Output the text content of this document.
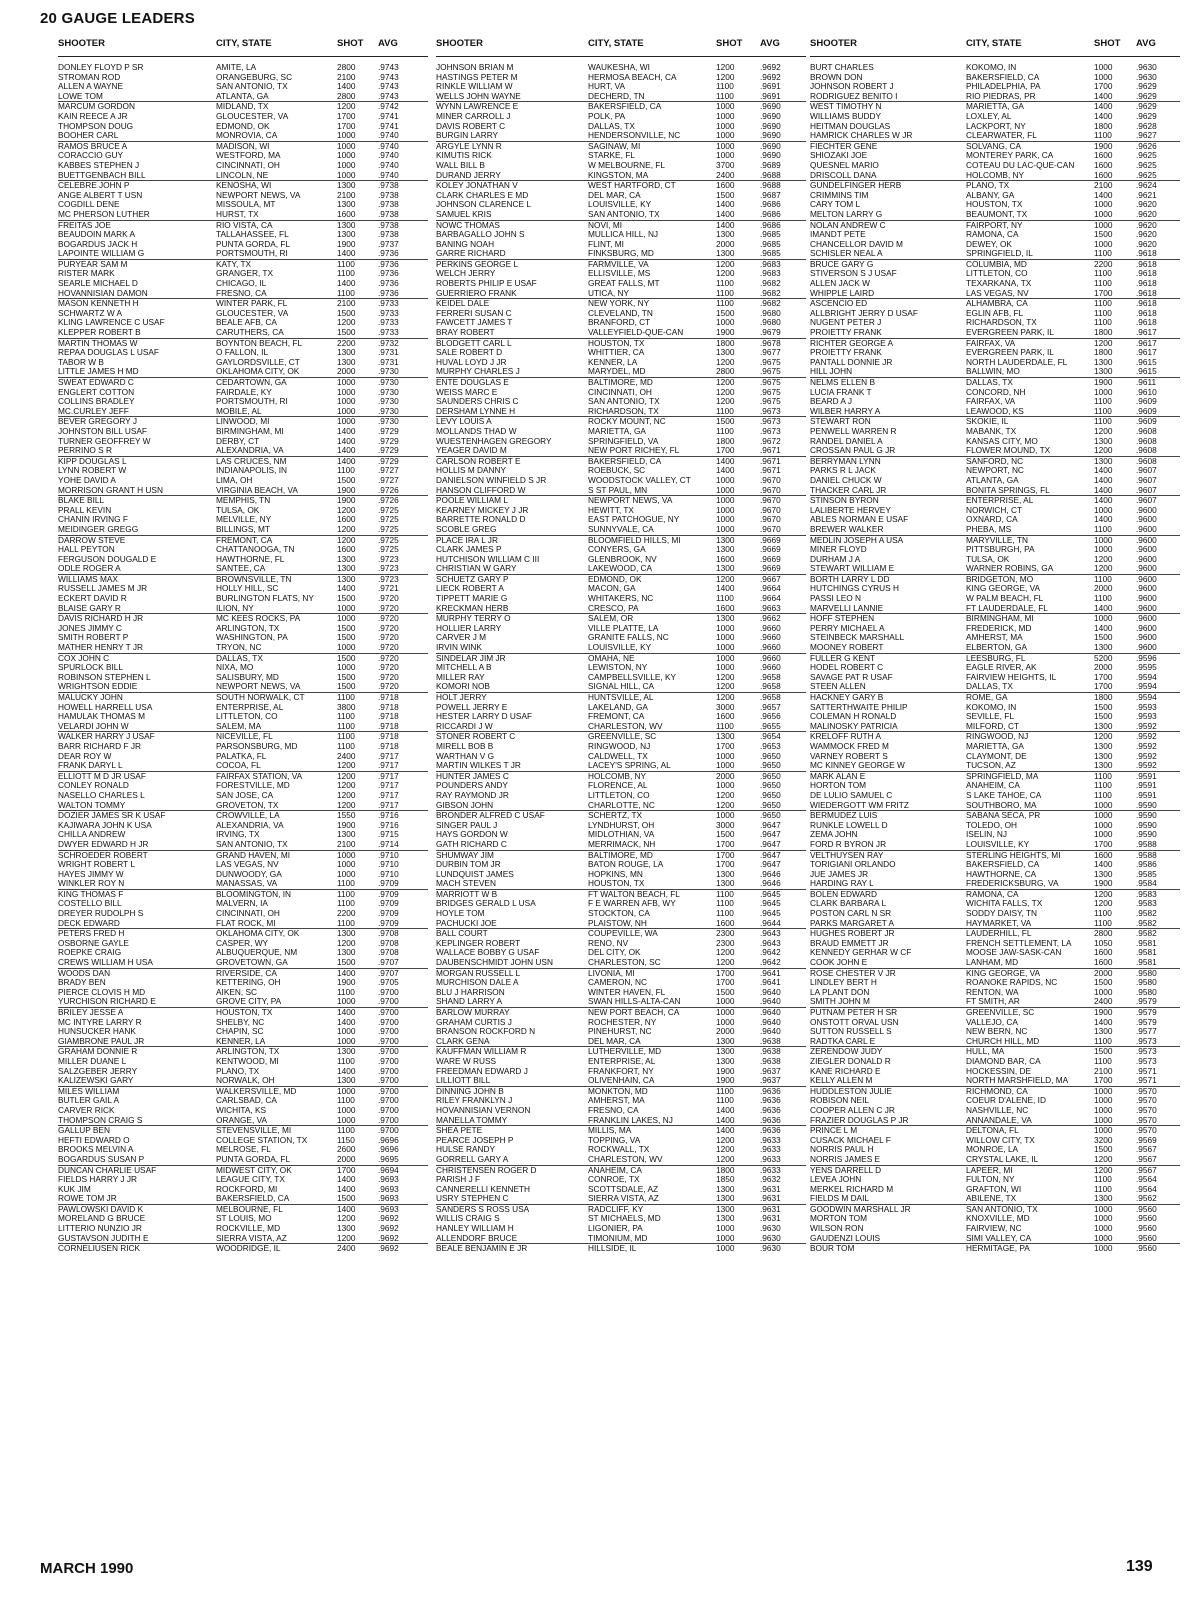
20 GAUGE LEADERS
SHOOTER	CITY, STATE	SHOT	AVG
DONLEY FLOYD P SR	AMITE, LA	2800	.9743
STROMAN ROD	ORANGEBURG, SC	2100	.9743
ALLEN A WAYNE	SAN ANTONIO, TX	1400	.9743
LOWE TOM	ATLANTA, GA	2800	.9743
MARCUM GORDON	MIDLAND, TX	1200	.9742
KAIN REECE A JR	GLOUCESTER, VA	1700	.9741
THOMPSON DOUG	EDMOND, OK	1700	.9741
BOOHER CARL	MONROVIA, CA	1000	.9740
RAMOS BRUCE A	MADISON, WI	1000	.9740
CORACCIO GUY	WESTFORD, MA	1000	.9740
KABBES STEPHEN J	CINCINNATI, OH	1000	.9740
BUETTGENBACH BILL	LINCOLN, NE	1000	.9740
CELEBRE JOHN P	KENOSHA, WI	1300	.9738
ANGE ALBERT T USN	NEWPORT NEWS, VA	2100	.9738
COGDILL DENE	MISSOULA, MT	1300	.9738
MC PHERSON LUTHER	HURST, TX	1600	.9738
FREITAS JOE	RIO VISTA, CA	1300	.9738
BEAUDOIN MARK A	TALLAHASSEE, FL	1300	.9738
BOGARDUS JACK H	PUNTA GORDA, FL	1900	.9737
LAPOINTE WILLIAM G	PORTSMOUTH, RI	1400	.9736
PURYEAR SAM M	KATY, TX	1100	.9736
RISTER MARK	GRANGER, TX	1100	.9736
SEARLE MICHAEL D	CHICAGO, IL	1400	.9736
HOVANNISIAN DAMON	FRESNO, CA	1100	.9736
MASON KENNETH H	WINTER PARK, FL	2100	.9733
SCHWARTZ W A	GLOUCESTER, VA	1500	.9733
KLING LAWRENCE C USAF	BEALE AFB, CA	1200	.9733
KLEPPER ROBERT B	CARUTHERS, CA	1500	.9733
MARTIN THOMAS W	BOYNTON BEACH, FL	2200	.9732
REPAA DOUGLAS L USAF	O FALLON, IL	1300	.9731
TABOR W B	GAYLORDSVILLE, CT	1300	.9731
LITTLE JAMES H MD	OKLAHOMA CITY, OK	2000	.9730
SWEAT EDWARD C	CEDARTOWN, GA	1000	.9730
ENGLERT COTTON	FAIRDALE, KY	1000	.9730
COLLINS BRADLEY	PORTSMOUTH, RI	1000	.9730
MC.CURLEY JEFF	MOBILE, AL	1000	.9730
BEVER GREGORY J	LINWOOD, MI	1000	.9730
JOHNSTON BILL USAF	BIRMINGHAM, MI	1400	.9729
TURNER GEOFFREY W	DERBY, CT	1400	.9729
PERRINO S R	ALEXANDRIA, VA	1400	.9729
KIPP DOUGLAS L	LAS CRUCES, NM	1400	.9729
LYNN ROBERT W	INDIANAPOLIS, IN	1100	.9727
YOHE DAVID A	LIMA, OH	1500	.9727
MORRISON GRANT H USN	VIRGINIA BEACH, VA	1900	.9726
BLAKE BILL	MEMPHIS, TN	1900	.9726
PRALL KEVIN	TULSA, OK	1200	.9725
CHANIN IRVING F	MELVILLE, NY	1600	.9725
MEIDINGER GREGG	BILLINGS, MT	1200	.9725
DARROW STEVE	FREMONT, CA	1200	.9725
HALL PEYTON	CHATTANOOGA, TN	1600	.9725
FERGUSON DOUGALD E	HAWTHORNE, FL	1300	.9723
ODLE ROGER A	SANTEE, CA	1300	.9723
WILLIAMS MAX	BROWNSVILLE, TN	1300	.9723
RUSSELL JAMES M JR	HOLLY HILL, SC	1400	.9721
ECKERT DAVID R	BURLINGTON FLATS, NY	1500	.9720
BLAISE GARY R	ILION, NY	1000	.9720
DAVIS RICHARD H JR	MC KEES ROCKS, PA	1000	.9720
JONES JIMMY C	ARLINGTON, TX	1500	.9720
SMITH ROBERT P	WASHINGTON, PA	1500	.9720
MATHER HENRY T JR	TRYON, NC	1000	.9720
COX JOHN C	DALLAS, TX	1500	.9720
SPURLOCK BILL	NIXA, MO	1000	.9720
ROBINSON STEPHEN L	SALISBURY, MD	1500	.9720
WRIGHTSON EDDIE	NEWPORT NEWS, VA	1500	.9720
MALUCKY JOHN	SOUTH NORWALK, CT	1100	.9718
HOWELL HARRELL USA	ENTERPRISE, AL	3800	.9718
HAMULAK THOMAS M	LITTLETON, CO	1100	.9718
VELARDI JOHN W	SALEM, MA	1100	.9718
WALKER HARRY J USAF	NICEVILLE, FL	1100	.9718
BARR RICHARD F JR	PARSONSBURG, MD	1100	.9718
DEAR ROY W	PALATKA, FL	2400	.9717
FRANK DARYL L	COCOA, FL	1200	.9717
ELLIOTT M D JR USAF	FAIRFAX STATION, VA	1200	.9717
CONLEY RONALD	FORESTVILLE, MD	1200	.9717
NASELLO CHARLES L	SAN JOSE, CA	1200	.9717
WALTON TOMMY	GROVETON, TX	1200	.9717
DOZIER JAMES SR K USAF	CROWVILLE, LA	1550	.9716
KAJIWARA JOHN K USA	ALEXANDRIA, VA	1900	.9716
CHILLA ANDREW	IRVING, TX	1300	.9715
DWYER EDWARD H JR	SAN ANTONIO, TX	2100	.9714
SCHROEDER ROBERT	GRAND HAVEN, MI	1000	.9710
WRIGHT ROBERT L	LAS VEGAS, NV	1000	.9710
HAYES JIMMY W	DUNWOODY, GA	1000	.9710
WINKLER ROY N	MANASSAS, VA	1100	.9709
KING THOMAS F	BLOOMINGTON, IN	1100	.9709
COSTELLO BILL	MALVERN, IA	1100	.9709
DREYER RUDOLPH S	CINCINNATI, OH	2200	.9709
DECK EDWARD	FLAT ROCK, MI	1100	.9709
PETERS FRED H	OKLAHOMA CITY, OK	1300	.9708
OSBORNE GAYLE	CASPER, WY	1200	.9708
ROEPKE CRAIG	ALBUQUERQUE, NM	1300	.9708
CREWS WILLIAM H USA	GROVETOWN, GA	1500	.9707
WOODS DAN	RIVERSIDE, CA	1400	.9707
BRADY BEN	KETTERING, OH	1900	.9705
PIERCE CLOVIS H MD	AIKEN, SC	1100	.9700
YURCHISON RICHARD E	GROVE CITY, PA	1000	.9700
BRILEY JESSE A	HOUSTON, TX	1400	.9700
MC INTYRE LARRY R	SHELBY, NC	1400	.9700
HUNSUCKER HANK	CHAPIN, SC	1000	.9700
GIAMBRONE PAUL JR	KENNER, LA	1000	.9700
GRAHAM DONNIE R	ARLINGTON, TX	1300	.9700
MILLER DUANE L	KENTWOOD, MI	1100	.9700
SALZGEBER JERRY	PLANO, TX	1400	.9700
KALIZEWSKI GARY	NORWALK, OH	1300	.9700
MILES WILLIAM	WALKERSVILLE, MD	1000	.9700
BUTLER GAIL A	CARLSBAD, CA	1100	.9700
CARVER RICK	WICHITA, KS	1000	.9700
THOMPSON CRAIG S	ORANGE, VA	1000	.9700
GALLUP BEN	STEVENSVILLE, MI	1100	.9700
HEFTI EDWARD O	COLLEGE STATION, TX	1150	.9696
BROOKS MELVIN A	MELROSE, FL	2600	.9696
BOGARDUS SUSAN P	PUNTA GORDA, FL	2000	.9695
DUNCAN CHARLIE USAF	MIDWEST CITY, OK	1700	.9694
FIELDS HARRY J JR	LEAGUE CITY, TX	1400	.9693
KUK JIM	ROCKFORD, MI	1400	.9693
ROWE TOM JR	BAKERSFIELD, CA	1500	.9693
PAWLOWSKI DAVID K	MELBOURNE, FL	1400	.9693
MORELAND G BRUCE	ST LOUIS, MO	1200	.9692
LITTERIO NUNZIO JR	ROCKVILLE, MD	1300	.9692
GUSTAVSON JUDITH E	SIERRA VISTA, AZ	1200	.9692
CORNELIUSEN RICK	WOODRIDGE, IL	2400	.9692
SHOOTER	CITY, STATE	SHOT	AVG
JOHNSON BRIAN M	WAUKESHA, WI	1200	.9692
HASTINGS PETER M	HERMOSA BEACH, CA	1200	.9692
RINKLE WILLIAM W	HURT, VA	1100	.9691
WELLS JOHN WAYNE	DECHERD, TN	1100	.9691
WYNN LAWRENCE E	BAKERSFIELD, CA	1000	.9690
MINER CARROLL J	POLK, PA	1000	.9690
DAVIS ROBERT C	DALLAS, TX	1000	.9690
BURGIN LARRY	HENDERSONVILLE, NC	1000	.9690
ARGYLE LYNN R	SAGINAW, MI	1000	.9690
KIMUTIS RICK	STARKE, FL	1000	.9690
WALL BILL B	W MELBOURNE, FL	3700	.9689
DURAND JERRY	KINGSTON, MA	2400	.9688
KOLEY JONATHAN V	WEST HARTFORD, CT	1600	.9688
CLARK CHARLES E MD	DEL MAR, CA	1500	.9687
JOHNSON CLARENCE L	LOUISVILLE, KY	1400	.9686
SAMUEL KRIS	SAN ANTONIO, TX	1400	.9686
NOWC THOMAS	NOVI, MI	1400	.9686
BARBAGALLO JOHN S	MULLICA HILL, NJ	1300	.9685
BANING NOAH	FLINT, MI	2000	.9685
GARRE RICHARD	FINKSBURG, MD	1300	.9685
PERKINS GEORGE L	FARMVILLE, VA	1200	.9683
WELCH JERRY	ELLISVILLE, MS	1200	.9683
ROBERTS PHILIP E USAF	GREAT FALLS, MT	1100	.9682
GUERRIERO FRANK	UTICA, NY	1100	.9682
KEIDEL DALE	NEW YORK, NY	1100	.9682
FERRERI SUSAN C	CLEVELAND, TN	1500	.9680
FAWCETT JAMES T	BRANFORD, CT	1000	.9680
BRAY ROBERT	VALLEYFIELD-QUE-CAN	1900	.9679
BLODGETT CARL L	HOUSTON, TX	1800	.9678
SALE ROBERT D	WHITTIER, CA	1300	.9677
HUVAL LOYD J JR	KENNER, LA	1200	.9675
MURPHY CHARLES J	MARYDEL, MD	2800	.9675
ENTE DOUGLAS E	BALTIMORE, MD	1200	.9675
WEISS MARC E	CINCINNATI, OH	1200	.9675
SAUNDERS CHRIS C	SAN ANTONIO, TX	1200	.9675
DERSHAM LYNNE H	RICHARDSON, TX	1100	.9673
LEVY LOUIS A	ROCKY MOUNT, NC	1500	.9673
MOLLANDS THAD W	MARIETTA, GA	1100	.9673
WUESTENHAGEN GREGORY	SPRINGFIELD, VA	1800	.9672
YEAGER DAVID M	NEW PORT RICHEY, FL	1700	.9671
CARLSON ROBERT E	BAKERSFIELD, CA	1400	.9671
HOLLIS M DANNY	ROEBUCK, SC	1400	.9671
DANIELSON WINFIELD S JR	WOODSTOCK VALLEY, CT	1000	.9670
HANSON CLIFFORD W	S ST PAUL, MN	1000	.9670
POOLE WILLIAM L	NEWPORT NEWS, VA	1000	.9670
KEARNEY MICKEY J JR	HEWITT, TX	1000	.9670
BARRETTE RONALD D	EAST PATCHOGUE, NY	1000	.9670
SCOBLE GREG	SUNNYVALE, CA	1000	.9670
PLACE IRA L JR	BLOOMFIELD HILLS, MI	1300	.9669
CLARK JAMES P	CONYERS, GA	1300	.9669
HUTCHISON WILLIAM C III	GLENBROOK, NV	1600	.9669
CHRISTIAN W GARY	LAKEWOOD, CA	1300	.9669
SCHUETZ GARY P	EDMOND, OK	1200	.9667
LIECK ROBERT A	MACON, GA	1400	.9664
TIPPETT MARIE G	WHITAKERS, NC	1100	.9664
KRECKMAN HERB	CRESCO, PA	1600	.9663
MURPHY TERRY O	SALEM, OR	1300	.9662
HOLLIER LARRY	VILLE PLATTE, LA	1000	.9660
CARVER J M	GRANITE FALLS, NC	1000	.9660
IRVIN WINK	LOUISVILLE, KY	1000	.9660
SINDELAR JIM JR	OMAHA, NE	1000	.9660
MITCHELL A B	LEWISTON, NY	1000	.9660
MILLER RAY	CAMPBELLSVILLE, KY	1200	.9658
KOMORI NOB	SIGNAL HILL, CA	1200	.9658
HOLT JERRY	HUNTSVILLE, AL	1200	.9658
POWELL JERRY E	LAKELAND, GA	3000	.9657
HESTER LARRY D USAF	FREMONT, CA	1600	.9656
RICCARDI J W	CHARLESTON, WV	1100	.9655
STONER ROBERT C	GREENVILLE, SC	1300	.9654
MIRELL BOB B	RINGWOOD, NJ	1700	.9653
WARTHAN V G	CALDWELL, TX	1000	.9650
MARTIN WILKES T JR	LACEY'S SPRING, AL	1000	.9650
HUNTER JAMES C	HOLCOMB, NY	2000	.9650
POUNDERS ANDY	FLORENCE, AL	1000	.9650
RAY RAYMOND JR	LITTLETON, CO	1200	.9650
GIBSON JOHN	CHARLOTTE, NC	1200	.9650
BRONDER ALFRED C USAF	SCHERTZ, TX	1000	.9650
SINGER PAUL J	LYNDHURST, OH	3000	.9647
HAYS GORDON W	MIDLOTHIAN, VA	1500	.9647
GATH RICHARD C	MERRIMACK, NH	1700	.9647
SHUMWAY JIM	BALTIMORE, MD	1700	.9647
DURBIN TOM JR	BATON ROUGE, LA	1700	.9647
LUNDQUIST JAMES	HOPKINS, MN	1300	.9646
MACH STEVEN	HOUSTON, TX	1300	.9646
MARRIOTT W B	FT WALTON BEACH, FL	1100	.9645
BRIDGES GERALD L USA	F E WARREN AFB, WY	1100	.9645
HOYLE TOM	STOCKTON, CA	1100	.9645
PACHUCKI JOE	PLAISTOW, NH	1600	.9644
BALL COURT	COUPEVILLE, WA	2300	.9643
KEPLINGER ROBERT	RENO, NV	2300	.9643
WALLACE BOBBY G USAF	DEL CITY, OK	1200	.9642
DAUBENSCHMIDT JOHN USN	CHARLESTON, SC	1200	.9642
MORGAN RUSSELL L	LIVONIA, MI	1700	.9641
MURCHISON DALE A	CAMERON, NC	1700	.9641
BLU J HARRISON	WINTER HAVEN, FL	1500	.9640
SHAND LARRY A	SWAN HILLS-ALTA-CAN	1000	.9640
BARLOW MURRAY	NEW PORT BEACH, CA	1000	.9640
GRAHAM CURTIS J	ROCHESTER, NY	1000	.9640
BRANSON ROCKFORD N	PINEHURST, NC	2000	.9640
CLARK GENA	DEL MAR, CA	1300	.9638
KAUFFMAN WILLIAM R	LUTHERVILLE, MD	1300	.9638
WARE W RUSS	ENTERPRISE, AL	1300	.9638
FREEDMAN EDWARD J	FRANKFORT, NY	1900	.9637
LILLIOTT BILL	OLIVENHAIN, CA	1900	.9637
DINNING JOHN B	MONKTON, MD	1100	.9636
RILEY FRANKLYN J	AMHERST, MA	1100	.9636
HOVANNISIAN VERNON	FRESNO, CA	1400	.9636
MANELLA TOMMY	FRANKLIN LAKES, NJ	1400	.9636
SHEA PETE	MILLIS, MA	1400	.9636
PEARCE JOSEPH P	TOPPING, VA	1200	.9633
HULSE RANDY	ROCKWALL, TX	1200	.9633
GORRELL GARY A	CHARLESTON, WV	1200	.9633
CHRISTENSEN ROGER D	ANAHEIM, CA	1800	.9633
PARISH J F	CONROE, TX	1850	.9632
CANNERELLI KENNETH	SCOTTSDALE, AZ	1300	.9631
USRY STEPHEN C	SIERRA VISTA, AZ	1300	.9631
SANDERS S ROSS USA	RADCLIFF, KY	1300	.9631
WILLIS CRAIG S	ST MICHAELS, MD	1300	.9631
HANLEY WILLIAM H	LIGONIER, PA	1000	.9630
ALLENDORF BRUCE	TIMONIUM, MD	1000	.9630
BEALE BENJAMIN E JR	HILLSIDE, IL	1000	.9630
SHOOTER	CITY, STATE	SHOT	AVG
BURT CHARLES	KOKOMO, IN	1000	.9630
BROWN DON	BAKERSFIELD, CA	1000	.9630
JOHNSON ROBERT J	PHILADELPHIA, PA	1700	.9629
RODRIGUEZ BENITO I	RIO PIEDRAS, PR	1400	.9629
WEST TIMOTHY N	MARIETTA, GA	1400	.9629
WILLIAMS BUDDY	LOXLEY, AL	1400	.9629
HEITMAN DOUGLAS	LACKPORT, NY	1800	.9628
HAMRICK CHARLES W JR	CLEARWATER, FL	1100	.9627
FIECHTER GENE	SOLVANG, CA	1900	.9626
SHIOZAKI JOE	MONTEREY PARK, CA	1600	.9625
QUESNEL MARIO	COTEAU DU LAC-QUE-CAN	1600	.9625
DRISCOLL DANA	HOLCOMB, NY	1600	.9625
GUNDELFINGER HERB	PLANO, TX	2100	.9624
CRIMMINS TIM	ALBANY, GA	1400	.9621
CARY TOM L	HOUSTON, TX	1000	.9620
MELTON LARRY G	BEAUMONT, TX	1000	.9620
NOLAN ANDREW C	FAIRPORT, NY	1000	.9620
IMANDT PETE	RAMONA, CA	1500	.9620
CHANCELLOR DAVID M	DEWEY, OK	1000	.9620
SCHISLER NEAL A	SPRINGFIELD, IL	1100	.9618
BRUCE GARY G	COLUMBIA, MD	2200	.9618
STIVERSON S J USAF	LITTLETON, CO	1100	.9618
ALLEN JACK W	TEXARKANA, TX	1100	.9618
WHIPPLE LAIRD	LAS VEGAS, NV	1700	.9618
ASCENCIO ED	ALHAMBRA, CA	1100	.9618
ALLBRIGHT JERRY D USAF	EGLIN AFB, FL	1100	.9618
NUGENT PETER J	RICHARDSON, TX	1100	.9618
PROIETTY FRANK	EVERGREEN PARK, IL	1800	.9617
RICHTER GEORGE A	FAIRFAX, VA	1200	.9617
PROIETTY FRANK	EVERGREEN PARK, IL	1800	.9617
PANTALL DONNIE JR	NORTH LAUDERDALE, FL	1300	.9615
HILL JOHN	BALLWIN, MO	1300	.9615
NELMS ELLEN B	DALLAS, TX	1900	.9611
LUCIA FRANK T	CONCORD, NH	1000	.9610
BEARD A J	FAIRFAX, VA	1100	.9609
WILBER HARRY A	LEAWOOD, KS	1100	.9609
STEWART RON	SKOKIE, IL	1100	.9609
PENWELL WARREN R	MABANK, TX	1200	.9608
RANDEL DANIEL A	KANSAS CITY, MO	1300	.9608
CROSSAN PAUL G JR	FLOWER MOUND, TX	1200	.9608
BERRYMAN LYNN	SANFORD, NC	1300	.9608
PARKS R L JACK	NEWPORT, NC	1400	.9607
DANIEL CHUCK W	ATLANTA, GA	1400	.9607
THACKER CARL JR	BONITA SPRINGS, FL	1400	.9607
STINSON BYRON	ENTERPRISE, AL	1400	.9607
LALIBERTE HERVEY	NORWICH, CT	1000	.9600
ABLES NORMAN E USAF	OXNARD, CA	1400	.9600
BREWER WALKER	PHEBA, MS	1100	.9600
MEDLIN JOSEPH A USA	MARYVILLE, TN	1000	.9600
MINER FLOYD	PITTSBURGH, PA	1000	.9600
DURHAM J A	TULSA, OK	1200	.9600
STEWART WILLIAM E	WARNER ROBINS, GA	1200	.9600
BORTH LARRY L DD	BRIDGETON, MO	1100	.9600
HUTCHINGS CYRUS H	KING GEORGE, VA	2000	.9600
PASSI LEO N	W PALM BEACH, FL	1100	.9600
MARVELLI LANNIE	FT LAUDERDALE, FL	1400	.9600
HOFF STEPHEN	BIRMINGHAM, MI	1000	.9600
PERRY MICHAEL A	FREDERICK, MD	1400	.9600
STEINBECK MARSHALL	AMHERST, MA	1500	.9600
MOONEY ROBERT	ELBERTON, GA	1300	.9600
FULLER G KENT	LEESBURG, FL	5200	.9596
HODEL ROBERT C	EAGLE RIVER, AK	2000	.9595
SAVAGE PAT R USAF	FAIRVIEW HEIGHTS, IL	1700	.9594
STEEN ALLEN	DALLAS, TX	1700	.9594
HACKNEY GARY B	ROME, GA	1800	.9594
SATTERTHWAITE PHILIP	KOKOMO, IN	1500	.9593
COLEMAN H RONALD	SEVILLE, FL	1500	.9593
MALINOSKY PATRICIA	MILFORD, CT	1300	.9592
KRELOFF RUTH A	RINGWOOD, NJ	1200	.9592
WAMMOCK FRED M	MARIETTA, GA	1300	.9592
VARNEY ROBERT S	CLAYMONT, DE	1300	.9592
MC KINNEY GEORGE W	TUCSON, AZ	1300	.9592
MARK ALAN E	SPRINGFIELD, MA	1100	.9591
HORTON TOM	ANAHEIM, CA	1100	.9591
DE LULIO SAMUEL C	S LAKE TAHOE, CA	1100	.9591
WIEDERGOTT WM FRITZ	SOUTHBORO, MA	1000	.9590
BERMUDEZ LUIS	SABANA SECA, PR	1000	.9590
RUNKLE LOWELL D	TOLEDO, OH	1000	.9590
ZEMA JOHN	ISELIN, NJ	1000	.9590
FORD R BYRON JR	LOUISVILLE, KY	1700	.9588
VELTHUYSEN RAY	STERLING HEIGHTS, MI	1600	.9588
TORIGIANI ORLANDO	BAKERSFIELD, CA	1400	.9586
JUE JAMES JR	HAWTHORNE, CA	1300	.9585
HARDING RAY L	FREDERICKSBURG, VA	1900	.9584
BOLEN EDWARD	RAMONA, CA	1200	.9583
CLARK BARBARA L	WICHITA FALLS, TX	1200	.9583
POSTON CARL N SR	SODDY DAISY, TN	1100	.9582
PARKS MARGARET A	HAYMARKET, VA	1100	.9582
HUGHES ROBERT JR	LAUDERHILL, FL	2800	.9582
BRAUD EMMETT JR	FRENCH SETTLEMENT, LA	1050	.9581
KENNEDY GERHAR W CF	MOOSE JAW-SASK-CAN	1600	.9581
COOK JOHN E	LANHAM, MD	1600	.9581
ROSE CHESTER V JR	KING GEORGE, VA	2000	.9580
LINDLEY BERT H	ROANOKE RAPIDS, NC	1500	.9580
LA PLANT DON	RENTON, WA	1000	.9580
SMITH JOHN M	FT SMITH, AR	2400	.9579
PUTNAM PETER H SR	GREENVILLE, SC	1900	.9579
ONSTOTT ORVAL USN	VALLEJO, CA	1400	.9579
SUTTON RUSSELL S	NEW BERN, NC	1300	.9577
RADTKA CARL E	CHURCH HILL, MD	1100	.9573
ZERENDOW JUDY	HULL, MA	1500	.9573
ZIEGLER DONALD R	DIAMOND BAR, CA	1100	.9573
KANE RICHARD E	HOCKESSIN, DE	2100	.9571
KELLY ALLEN M	NORTH MARSHFIELD, MA	1700	.9571
HUDDLESTON JULIE	RICHMOND, CA	1000	.9570
ROBISON NEIL	COEUR D'ALENE, ID	1000	.9570
COOPER ALLEN C JR	NASHVILLE, NC	1000	.9570
FRAZIER DOUGLAS P JR	ANNANDALE, VA	1000	.9570
PRINCE L M	DELTONA, FL	1000	.9570
CUSACK MICHAEL F	WILLOW CITY, TX	3200	.9569
NORRIS PAUL H	MONROE, LA	1500	.9567
NORRIS JAMES E	CRYSTAL LAKE, IL	1200	.9567
YENS DARRELL D	LAPEER, MI	1200	.9567
LEVEA JOHN	FULTON, NY	1100	.9564
MERKEL RICHARD M	GRAFTON, WI	1100	.9564
FIELDS M DAIL	ABILENE, TX	1300	.9562
GOODWIN MARSHALL JR	SAN ANTONIO, TX	1000	.9560
MORTON TOM	KNOXVILLE, MD	1000	.9560
WILSON RON	FAIRVIEW, NC	1000	.9560
GAUDENZI LOUIS	SIMI VALLEY, CA	1000	.9560
BOUR TOM	HERMITAGE, PA	1000	.9560
MARCH 1990	139
